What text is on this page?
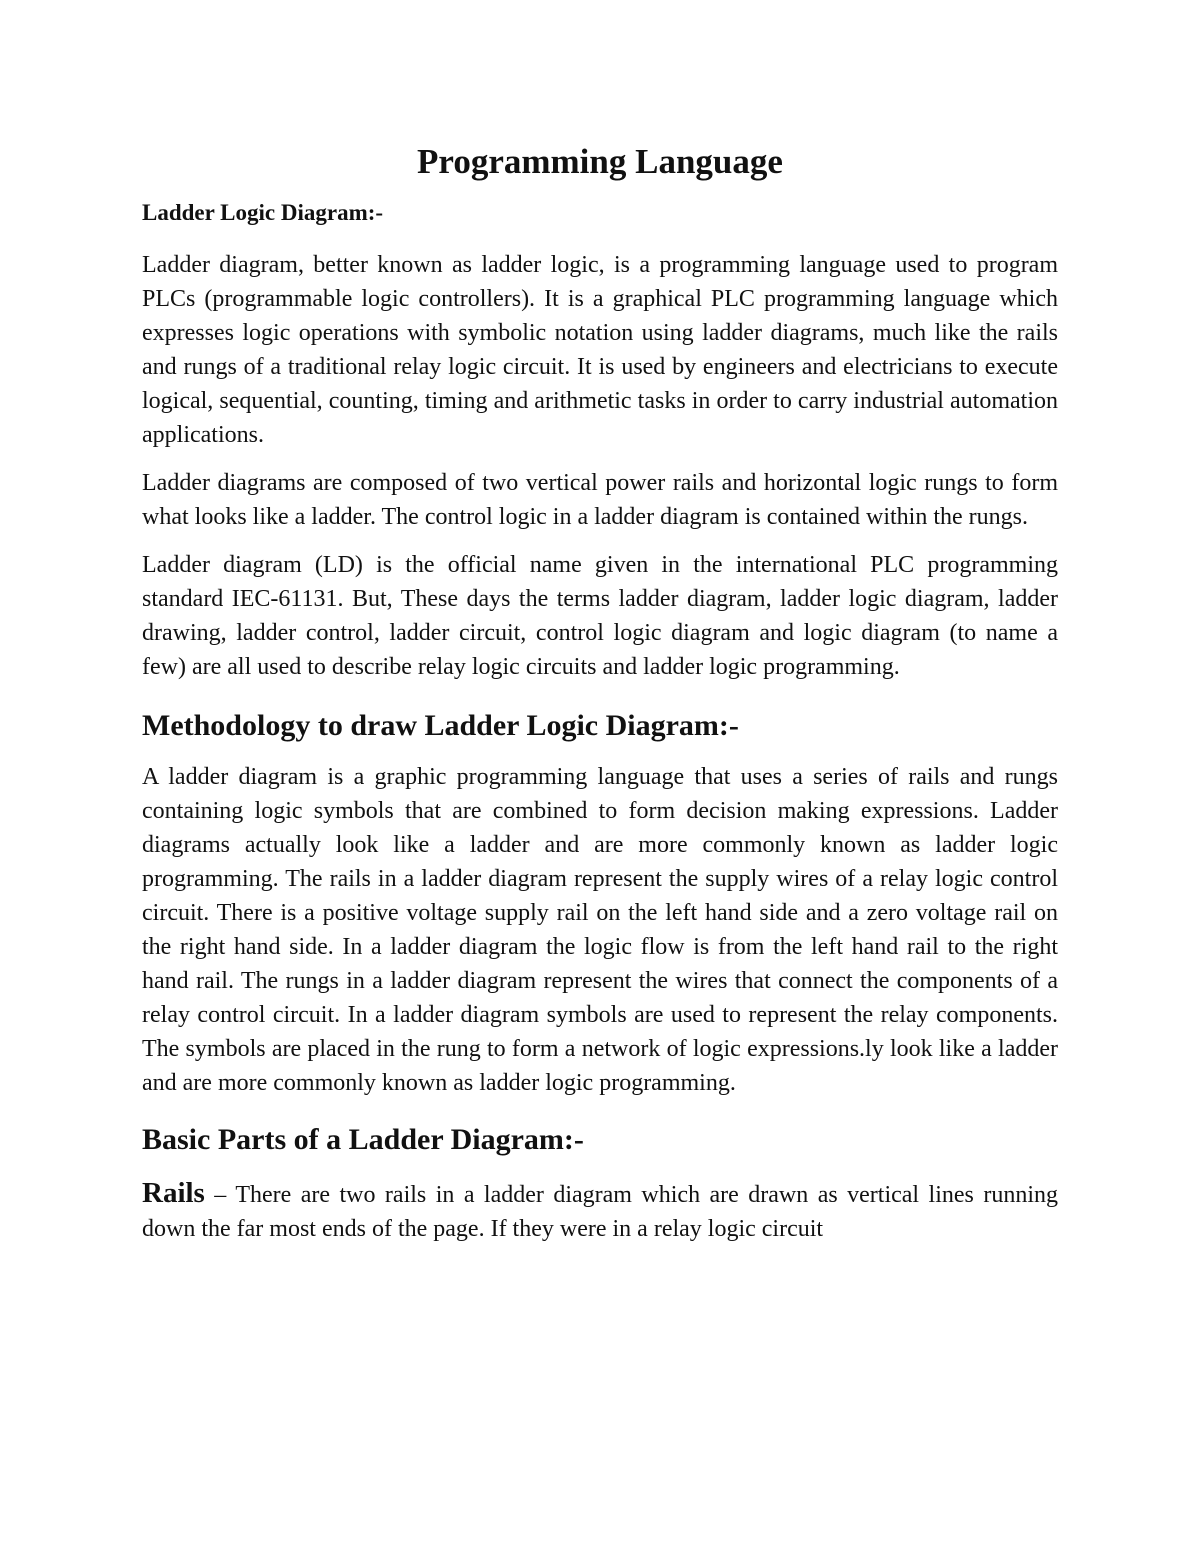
Programming Language
Ladder Logic Diagram:-

Ladder diagram, better known as ladder logic, is a programming language used to program PLCs (programmable logic controllers). It is a graphical PLC programming language which expresses logic operations with symbolic notation using ladder diagrams, much like the rails and rungs of a traditional relay logic circuit. It is used by engineers and electricians to execute logical, sequential, counting, timing and arithmetic tasks in order to carry industrial automation applications.

Ladder diagrams are composed of two vertical power rails and horizontal logic rungs to form what looks like a ladder. The control logic in a ladder diagram is contained within the rungs.

Ladder diagram (LD) is the official name given in the international PLC programming standard IEC-61131. But, These days the terms ladder diagram, ladder logic diagram, ladder drawing, ladder control, ladder circuit, control logic diagram and logic diagram (to name a few) are all used to describe relay logic circuits and ladder logic programming.

Methodology to draw Ladder Logic Diagram:-

A ladder diagram is a graphic programming language that uses a series of rails and rungs containing logic symbols that are combined to form decision making expressions. Ladder diagrams actually look like a ladder and are more commonly known as ladder logic programming. The rails in a ladder diagram represent the supply wires of a relay logic control circuit. There is a positive voltage supply rail on the left hand side and a zero voltage rail on the right hand side. In a ladder diagram the logic flow is from the left hand rail to the right hand rail. The rungs in a ladder diagram represent the wires that connect the components of a relay control circuit. In a ladder diagram symbols are used to represent the relay components. The symbols are placed in the rung to form a network of logic expressions.ly look like a ladder and are more commonly known as ladder logic programming.

Basic Parts of a Ladder Diagram:-

Rails – There are two rails in a ladder diagram which are drawn as vertical lines running down the far most ends of the page. If they were in a relay logic circuit
